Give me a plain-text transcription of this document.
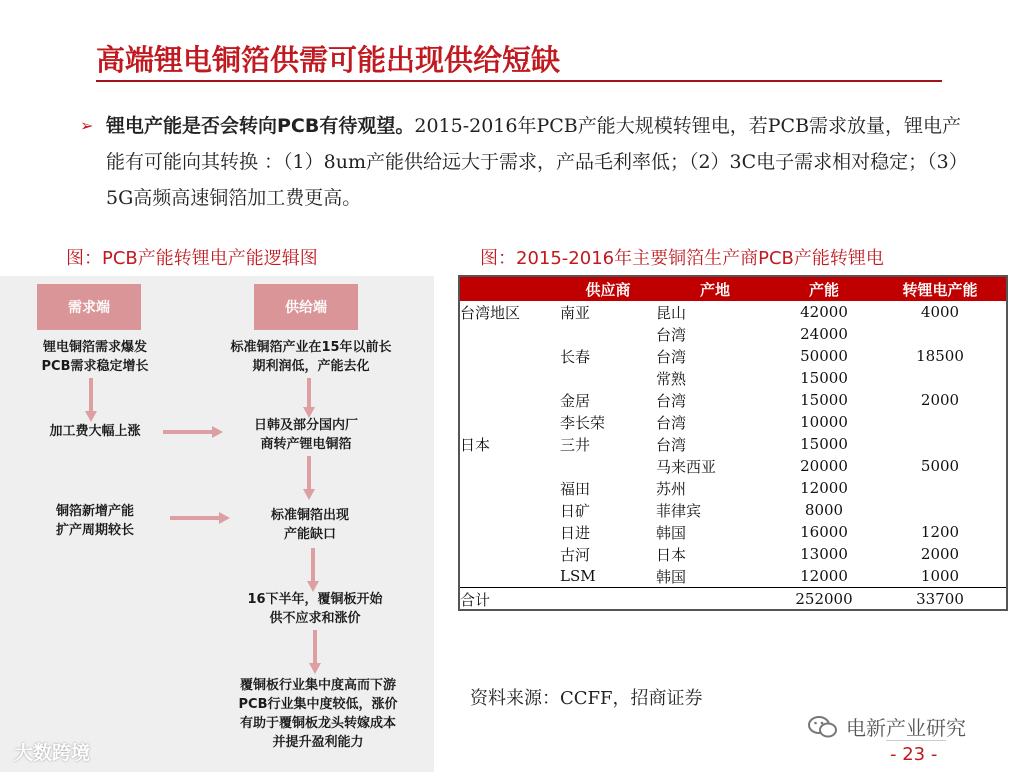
高端锂电铜箔供需可能出现供给短缺
➢ 锂电产能是否会转向PCB有待观望。2015-2016年PCB产能大规模转锂电，若PCB需求放量，锂电产能有可能向其转换 ：（1）8um产能供给远大于需求，产品毛利率低；（2）3C电子需求相对稳定；（3）5G高频高速铜箔加工费更高。
图：PCB产能转锂电产能逻辑图	图：2015-2016年主要铜箔生产商PCB产能转锂电
需求端	供给端
锂电铜箔需求爆发
PCB需求稳定增长
标准铜箔产业在15年以前长
期利润低，产能去化
加工费大幅上涨	日韩及部分国内厂
商转产锂电铜箔
铜箔新增产能
扩产周期较长
标准铜箔出现
产能缺口
16下半年，覆铜板开始
供不应求和涨价
覆铜板行业集中度高而下游
PCB行业集中度较低，涨价
有助于覆铜板龙头转嫁成本
并提升盈利能力
大数跨境
	供应商	产地	产能	转锂电产能
台湾地区	南亚	昆山	42000	4000
		台湾	24000	
	长春	台湾	50000	18500
		常熟	15000	
	金居	台湾	15000	2000
	李长荣	台湾	10000	
日本	三井	台湾	15000	
		马来西亚	20000	5000
	福田	苏州	12000	
	日矿	菲律宾	8000	
	日进	韩国	16000	1200
	古河	日本	13000	2000
	LSM	韩国	12000	1000
合计			252000	33700
资料来源：CCFF，招商证券
电新产业研究
- 23 -
